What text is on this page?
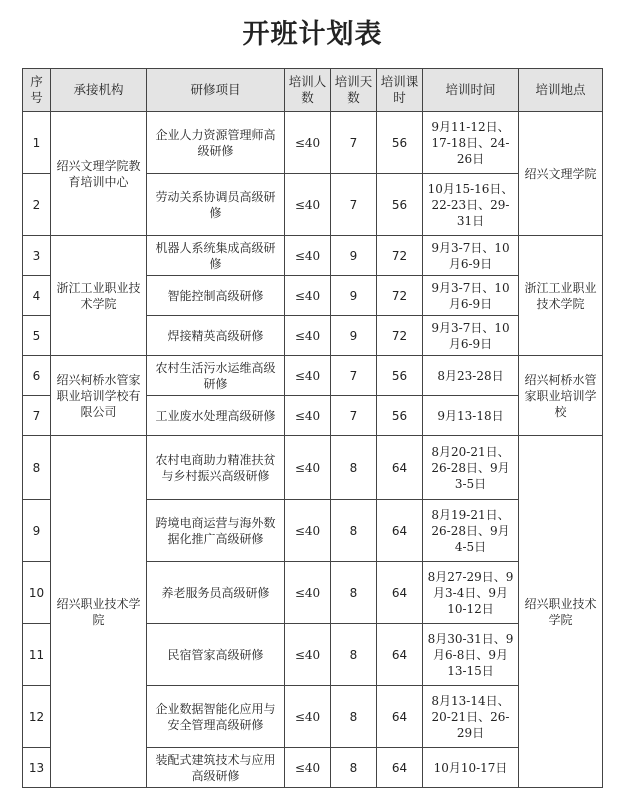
开班计划表
序号	承接机构	研修项目	培训人数	培训天数	培训课时	培训时间	培训地点
1	绍兴文理学院教育培训中心	企业人力资源管理师高级研修	≤40	7	56	9月11-12日、17-18日、24-26日	绍兴文理学院
2		劳动关系协调员高级研修	≤40	7	56	10月15-16日、22-23日、29-31日	
3	浙江工业职业技术学院	机器人系统集成高级研修	≤40	9	72	9月3-7日、10月6-9日	浙江工业职业技术学院
4		智能控制高级研修	≤40	9	72	9月3-7日、10月6-9日	
5		焊接精英高级研修	≤40	9	72	9月3-7日、10月6-9日	
6	绍兴柯桥水管家职业培训学校有限公司	农村生活污水运维高级研修	≤40	7	56	8月23-28日	绍兴柯桥水管家职业培训学校
7		工业废水处理高级研修	≤40	7	56	9月13-18日	
8	绍兴职业技术学院	农村电商助力精准扶贫与乡村振兴高级研修	≤40	8	64	8月20-21日、26-28日、9月3-5日	绍兴职业技术学院
9		跨境电商运营与海外数据化推广高级研修	≤40	8	64	8月19-21日、26-28日、9月4-5日	
10		养老服务员高级研修	≤40	8	64	8月27-29日、9月3-4日、9月10-12日	
11		民宿管家高级研修	≤40	8	64	8月30-31日、9月6-8日、9月13-15日	
12		企业数据智能化应用与安全管理高级研修	≤40	8	64	8月13-14日、20-21日、26-29日	
13		装配式建筑技术与应用高级研修	≤40	8	64	10月10-17日	
